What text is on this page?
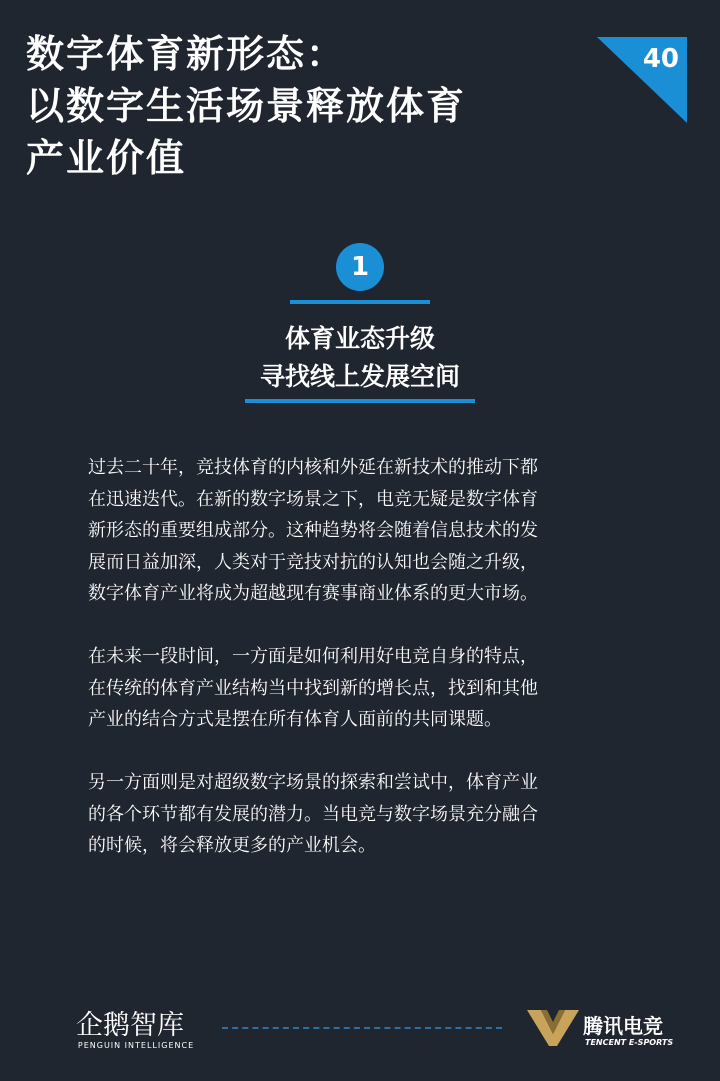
数字体育新形态：
以数字生活场景释放体育
产业价值
40
1
体育业态升级
寻找线上发展空间

过去二十年，竞技体育的内核和外延在新技术的推动下都
在迅速迭代。在新的数字场景之下，电竞无疑是数字体育
新形态的重要组成部分。这种趋势将会随着信息技术的发
展而日益加深，人类对于竞技对抗的认知也会随之升级，
数字体育产业将成为超越现有赛事商业体系的更大市场。

在未来一段时间，一方面是如何利用好电竞自身的特点，
在传统的体育产业结构当中找到新的增长点，找到和其他
产业的结合方式是摆在所有体育人面前的共同课题。

另一方面则是对超级数字场景的探索和尝试中，体育产业
的各个环节都有发展的潜力。当电竞与数字场景充分融合
的时候，将会释放更多的产业机会。

企鹅智库
PENGUIN INTELLIGENCE
腾讯电竞
TENCENT E-SPORTS
